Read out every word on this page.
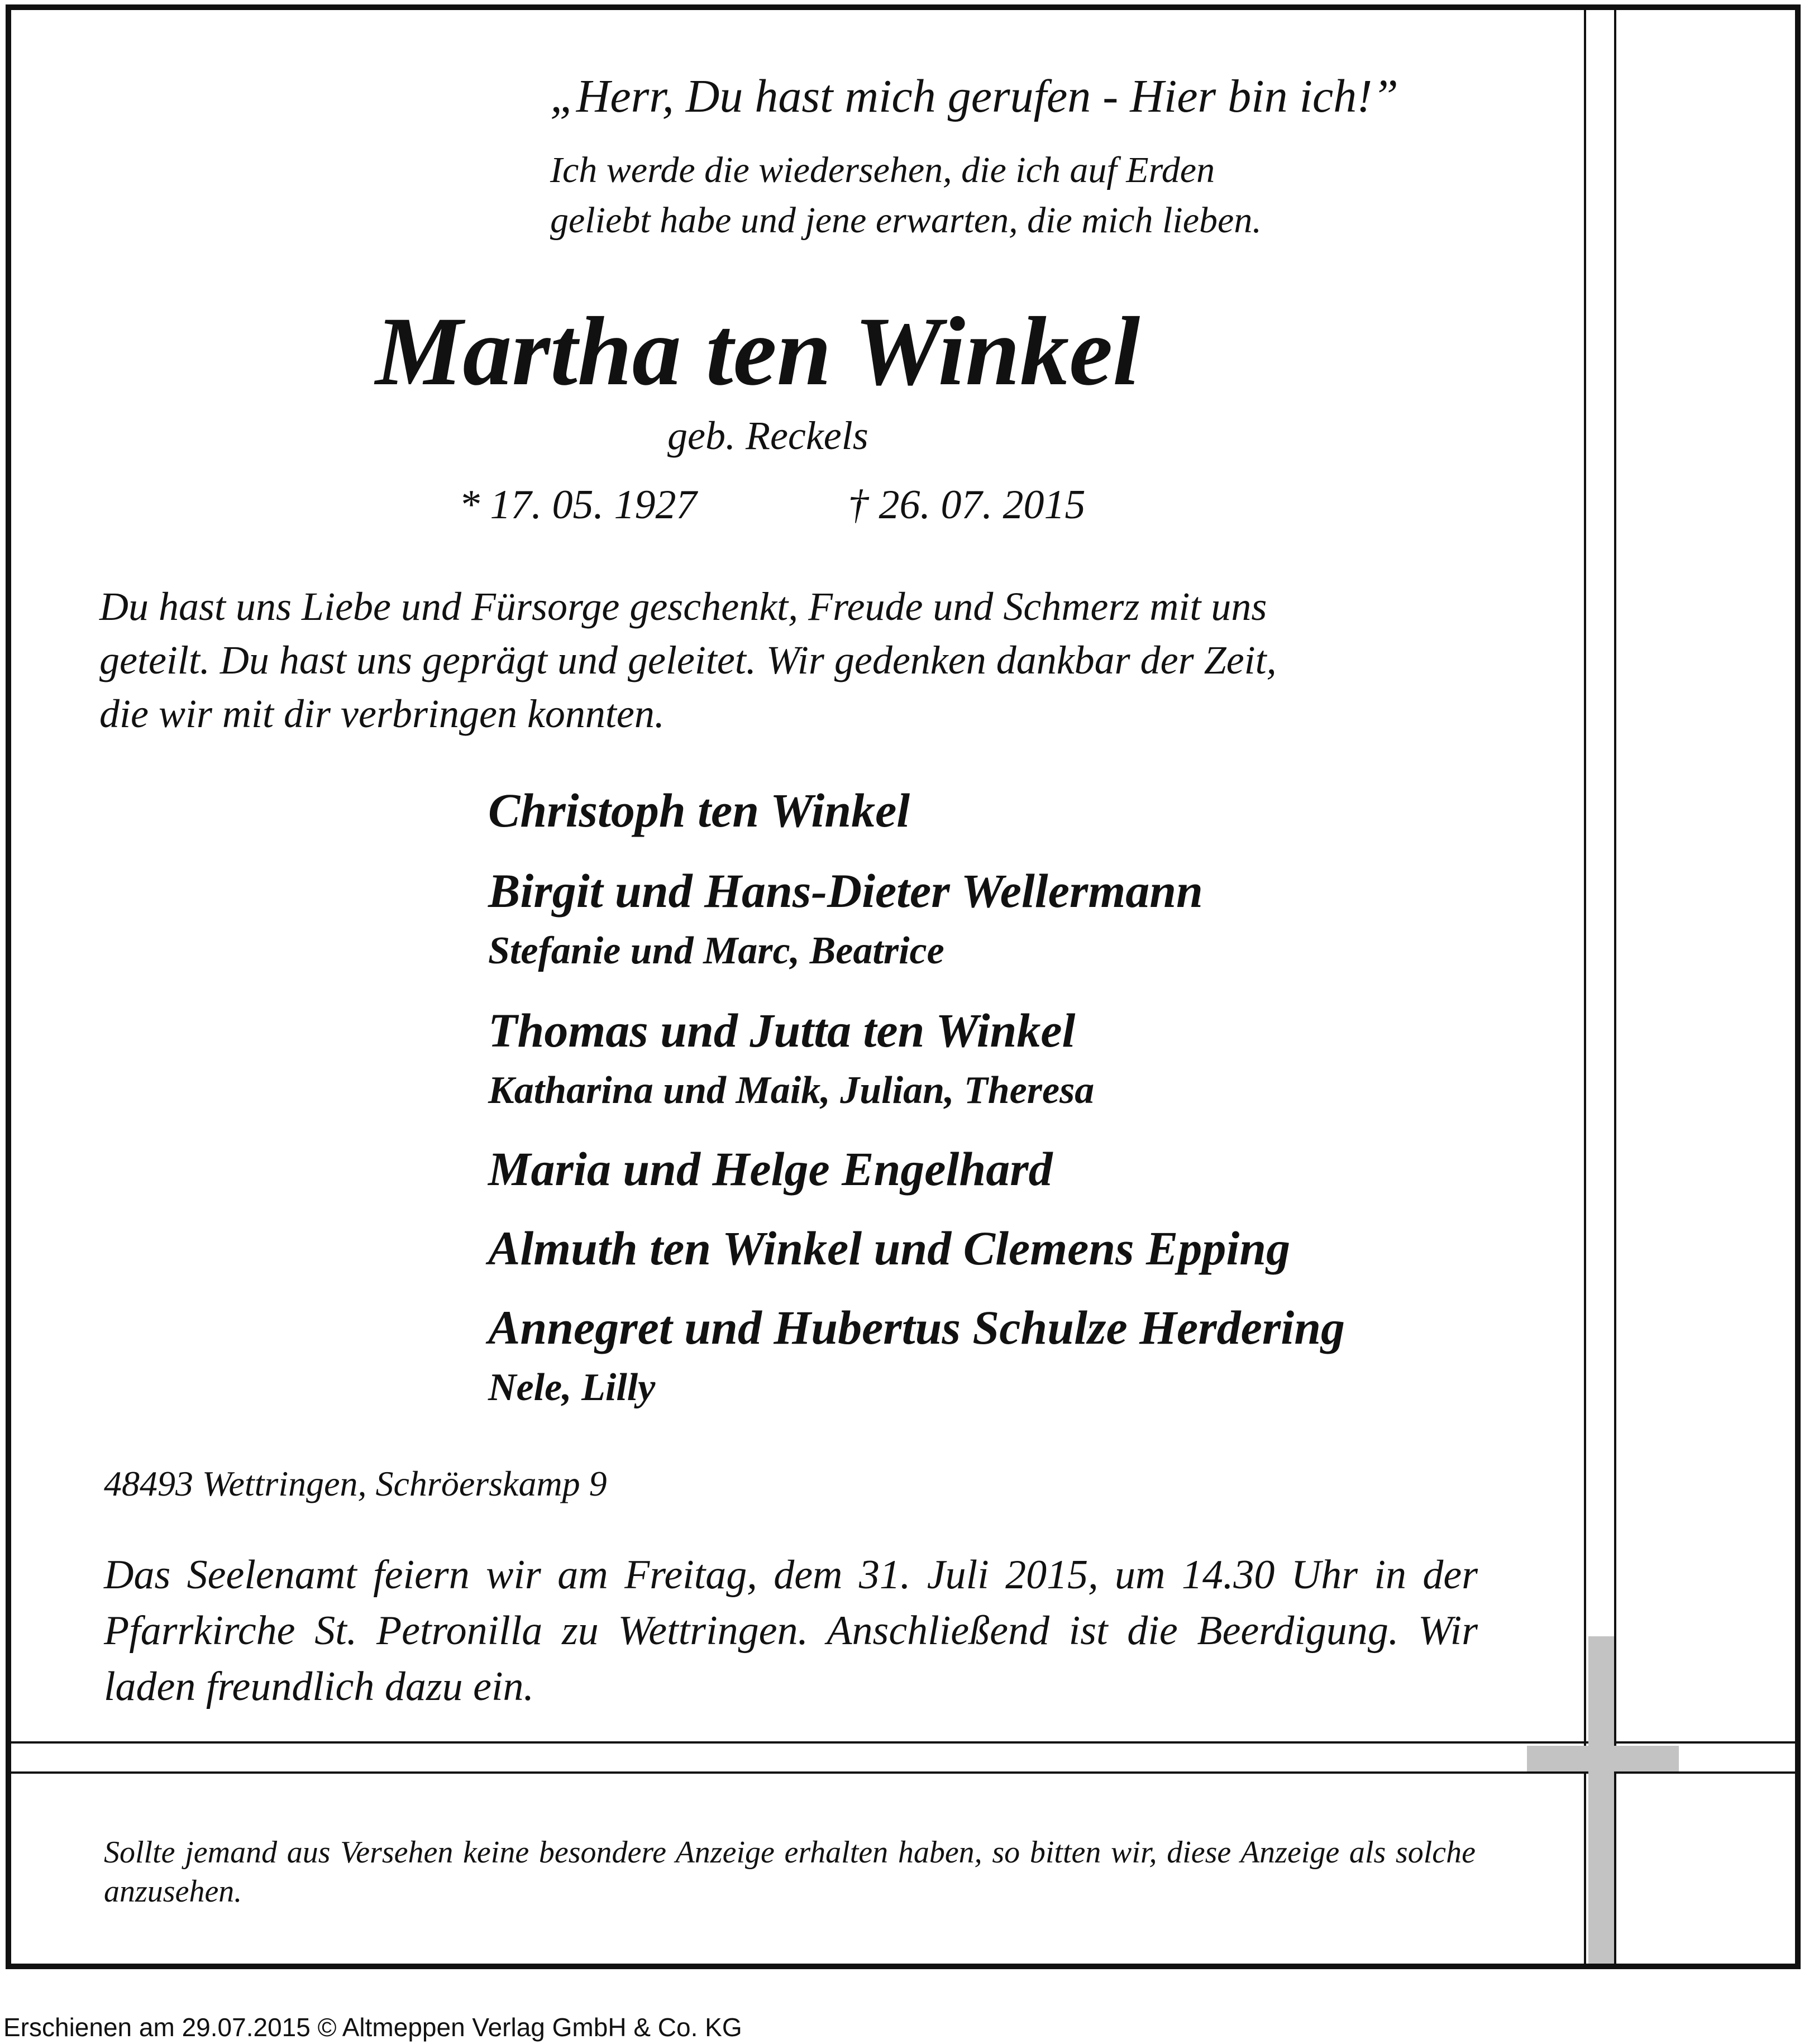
„Herr, Du hast mich gerufen - Hier bin ich!”

Ich werde die wiedersehen, die ich auf Erden
geliebt habe und jene erwarten, die mich lieben.

Martha ten Winkel

geb. Reckels

* 17. 05. 1927	† 26. 07. 2015

Du hast uns Liebe und Fürsorge geschenkt, Freude und Schmerz mit uns
geteilt. Du hast uns geprägt und geleitet. Wir gedenken dankbar der Zeit,
die wir mit dir verbringen konnten.

Christoph ten Winkel

Birgit und Hans-Dieter Wellermann

Stefanie und Marc, Beatrice

Thomas und Jutta ten Winkel

Katharina und Maik, Julian, Theresa

Maria und Helge Engelhard

Almuth ten Winkel und Clemens Epping

Annegret und Hubertus Schulze Herdering

Nele, Lilly

48493 Wettringen, Schröerskamp 9

Das Seelenamt feiern wir am Freitag, dem 31. Juli 2015, um 14.30 Uhr in der Pfarrkirche St. Petronilla zu Wettringen. Anschließend ist die Beerdigung. Wir laden freundlich dazu ein.

Sollte jemand aus Versehen keine besondere Anzeige erhalten haben, so bitten wir, diese Anzeige als solche anzusehen.

Erschienen am 29.07.2015 © Altmeppen Verlag GmbH & Co. KG
